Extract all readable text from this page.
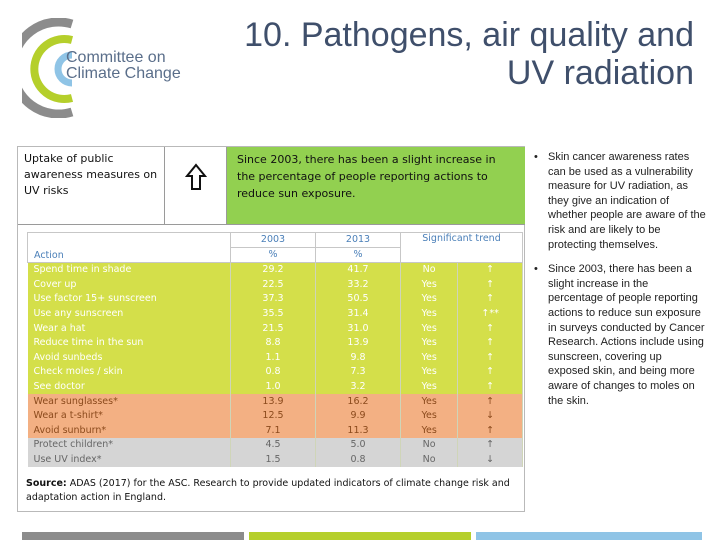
Committee on
Climate Change
10. Pathogens, air quality and
UV radiation
Uptake of public awareness measures on UV risks
Since 2003, there has been a slight increase in the percentage of people reporting actions to reduce sun exposure.
Action	2003	2013	Significant trend	
	%	%		
Spend time in shade	29.2	41.7	No	↑
Cover up	22.5	33.2	Yes	↑
Use factor 15+ sunscreen	37.3	50.5	Yes	↑
Use any sunscreen	35.5	31.4	Yes	↑**
Wear a hat	21.5	31.0	Yes	↑
Reduce time in the sun	8.8	13.9	Yes	↑
Avoid sunbeds	1.1	9.8	Yes	↑
Check moles / skin	0.8	7.3	Yes	↑
See doctor	1.0	3.2	Yes	↑
Wear sunglasses*	13.9	16.2	Yes	↑
Wear a t-shirt*	12.5	9.9	Yes	↓
Avoid sunburn*	7.1	11.3	Yes	↑
Protect children*	4.5	5.0	No	↑
Use UV index*	1.5	0.8	No	↓
Source: ADAS (2017) for the ASC. Research to provide updated indicators of climate change risk and adaptation action in England.
• Skin cancer awareness rates can be used as a vulnerability measure for UV radiation, as they give an indication of whether people are aware of the risk and are likely to be protecting themselves.
• Since 2003, there has been a slight increase in the percentage of people reporting actions to reduce sun exposure in surveys conducted by Cancer Research. Actions include using sunscreen, covering up exposed skin, and being more aware of changes to moles on the skin.
